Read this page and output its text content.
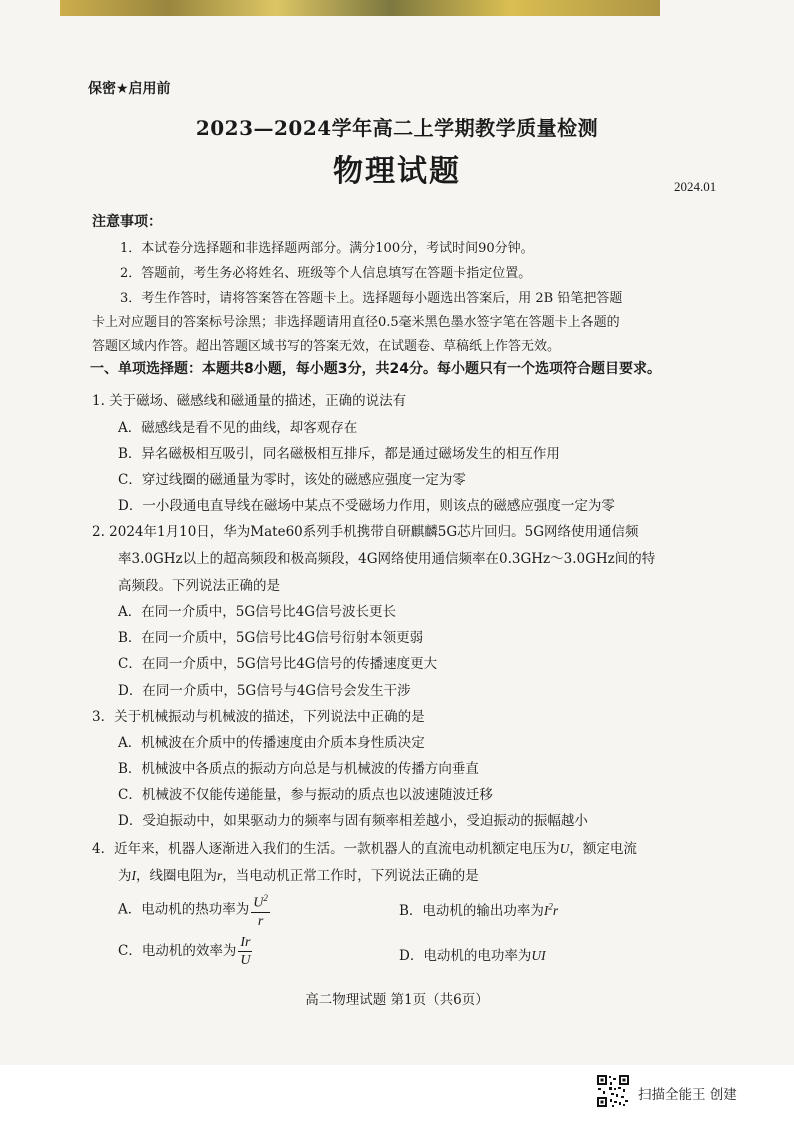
保密★启用前
2023—2024学年高二上学期教学质量检测
物理试题	2024.01
注意事项：
1．本试卷分选择题和非选择题两部分。满分100分，考试时间90分钟。
2．答题前，考生务必将姓名、班级等个人信息填写在答题卡指定位置。
3．考生作答时，请将答案答在答题卡上。选择题每小题选出答案后，用 2B 铅笔把答题
卡上对应题目的答案标号涂黑；非选择题请用直径0.5毫米黑色墨水签字笔在答题卡上各题的
答题区域内作答。超出答题区域书写的答案无效，在试题卷、草稿纸上作答无效。
一、单项选择题：本题共8小题，每小题3分，共24分。每小题只有一个选项符合题目要求。
1. 关于磁场、磁感线和磁通量的描述，正确的说法有
A．磁感线是看不见的曲线，却客观存在
B．异名磁极相互吸引，同名磁极相互排斥，都是通过磁场发生的相互作用
C．穿过线圈的磁通量为零时，该处的磁感应强度一定为零
D．一小段通电直导线在磁场中某点不受磁场力作用，则该点的磁感应强度一定为零
2. 2024年1月10日，华为Mate60系列手机携带自研麒麟5G芯片回归。5G网络使用通信频
率3.0GHz以上的超高频段和极高频段，4G网络使用通信频率在0.3GHz～3.0GHz间的特
高频段。下列说法正确的是
A．在同一介质中，5G信号比4G信号波长更长
B．在同一介质中，5G信号比4G信号衍射本领更弱
C．在同一介质中，5G信号比4G信号的传播速度更大
D．在同一介质中，5G信号与4G信号会发生干涉
3．关于机械振动与机械波的描述，下列说法中正确的是
A．机械波在介质中的传播速度由介质本身性质决定
B．机械波中各质点的振动方向总是与机械波的传播方向垂直
C．机械波不仅能传递能量，参与振动的质点也以波速随波迁移
D．受迫振动中，如果驱动力的频率与固有频率相差越小，受迫振动的振幅越小
4．近年来，机器人逐渐进入我们的生活。一款机器人的直流电动机额定电压为U，额定电流
为I，线圈电阻为r，当电动机正常工作时，下列说法正确的是
A．电动机的热功率为 $\frac{U^2}{r}$	B．电动机的输出功率为$I^2r$
C．电动机的效率为 $\frac{Ir}{U}$	D．电动机的电功率为UI
高二物理试题 第1页（共6页）
扫描全能王 创建
